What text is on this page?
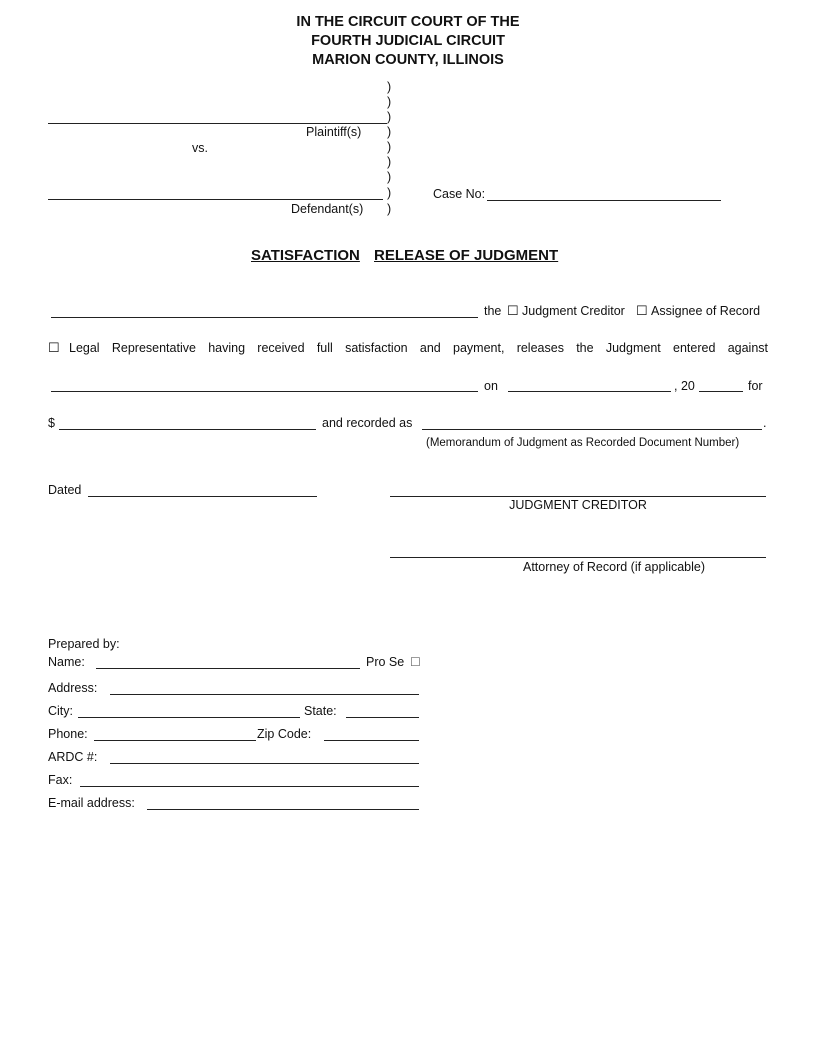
IN THE CIRCUIT COURT OF THE
FOURTH JUDICIAL CIRCUIT
MARION COUNTY, ILLINOIS
)
)
)
)
)
)
)
)
)
Plaintiff(s)
vs.
Defendant(s)
Case No:
SATISFACTION RELEASE OF JUDGMENT
the ☐ Judgment Creditor ☐ Assignee of Record
☐ Legal Representative having received full satisfaction and payment, releases the Judgment entered against
on	, 20	for
$	and recorded as	.
(Memorandum of Judgment as Recorded Document Number)
Dated
JUDGMENT CREDITOR
Attorney of Record (if applicable)
Prepared by:
Name:	Pro Se ☐
Address:
City:	State:
Phone:	Zip Code:
ARDC #:
Fax:
E-mail address:
